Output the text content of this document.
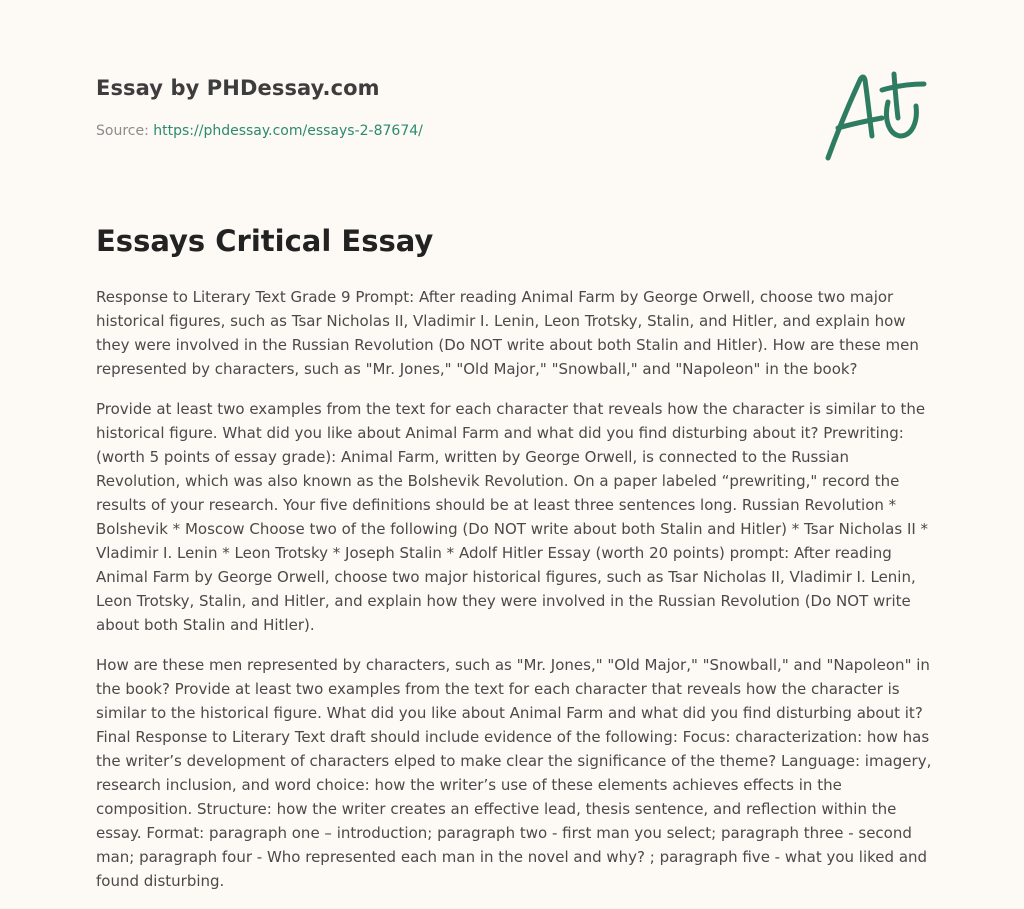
Essay by PHDessay.com

Source: https://phdessay.com/essays-2-87674/

Essays Critical Essay

Response to Literary Text Grade 9 Prompt: After reading Animal Farm by George Orwell, choose two major historical figures, such as Tsar Nicholas II, Vladimir I. Lenin, Leon Trotsky, Stalin, and Hitler, and explain how they were involved in the Russian Revolution (Do NOT write about both Stalin and Hitler). How are these men represented by characters, such as "Mr. Jones," "Old Major," "Snowball," and "Napoleon" in the book?

Provide at least two examples from the text for each character that reveals how the character is similar to the historical figure. What did you like about Animal Farm and what did you find disturbing about it? Prewriting: (worth 5 points of essay grade): Animal Farm, written by George Orwell, is connected to the Russian Revolution, which was also known as the Bolshevik Revolution. On a paper labeled “prewriting," record the results of your research. Your five definitions should be at least three sentences long. Russian Revolution * Bolshevik * Moscow Choose two of the following (Do NOT write about both Stalin and Hitler) * Tsar Nicholas II * Vladimir I. Lenin * Leon Trotsky * Joseph Stalin * Adolf Hitler Essay (worth 20 points) prompt: After reading Animal Farm by George Orwell, choose two major historical figures, such as Tsar Nicholas II, Vladimir I. Lenin, Leon Trotsky, Stalin, and Hitler, and explain how they were involved in the Russian Revolution (Do NOT write about both Stalin and Hitler).

How are these men represented by characters, such as "Mr. Jones," "Old Major," "Snowball," and "Napoleon" in the book? Provide at least two examples from the text for each character that reveals how the character is similar to the historical figure. What did you like about Animal Farm and what did you find disturbing about it? Final Response to Literary Text draft should include evidence of the following: Focus: characterization: how has the writer’s development of characters elped to make clear the significance of the theme? Language: imagery, research inclusion, and word choice: how the writer’s use of these elements achieves effects in the composition. Structure: how the writer creates an effective lead, thesis sentence, and reflection within the essay. Format: paragraph one – introduction; paragraph two - first man you select; paragraph three - second man; paragraph four - Who represented each man in the novel and why? ; paragraph five - what you liked and found disturbing.
